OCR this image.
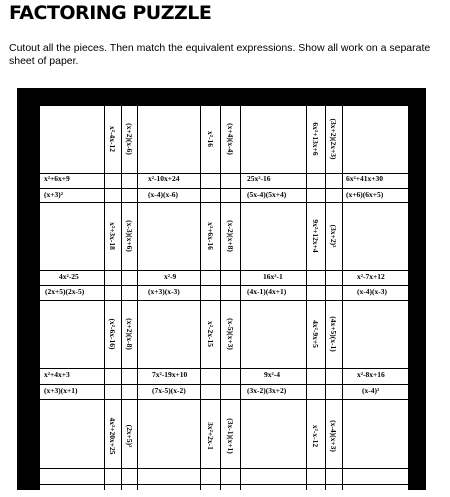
FACTORING PUZZLE

Cutout all the pieces. Then match the equivalent expressions. Show all work on a separate sheet of paper.

x²+6x+9
(x+3)²
x²-10x+24
(x-4)(x-6)
25x²-16
(5x-4)(5x+4)
6x²+41x+30
(x+6)(6x+5)
4x²-25
(2x+5)(2x-5)
x²-9
(x+3)(x-3)
16x²-1
(4x-1)(4x+1)
x²-7x+12
(x-4)(x-3)
x²+4x+3
(x+3)(x+1)
7x²-19x+10
(7x-5)(x-2)
9x²-4
(3x-2)(3x+2)
x²-8x+16
(x-4)²
x²-4x-12 (x+2)(x-6)	x²-16 (x+4)(x-4)	6x²+13x+6 (3x+2)(2x+3)
x²+3x-18 (x-3)(x+6)	x²+6x-16 (x-2)(x+8)	9x²+12x+4 (3x+2)²
(x²-6x-16) (x+2)(x-8)	x²-2x-15 (x-5)(x+3)	4x²-9x+5 (4x+5)(x-1)
4x²+20x+25 (2x+5)²	3x²+2x-1 (3x-1)(x+1)	x²-x-12 (x-4)(x+3)
